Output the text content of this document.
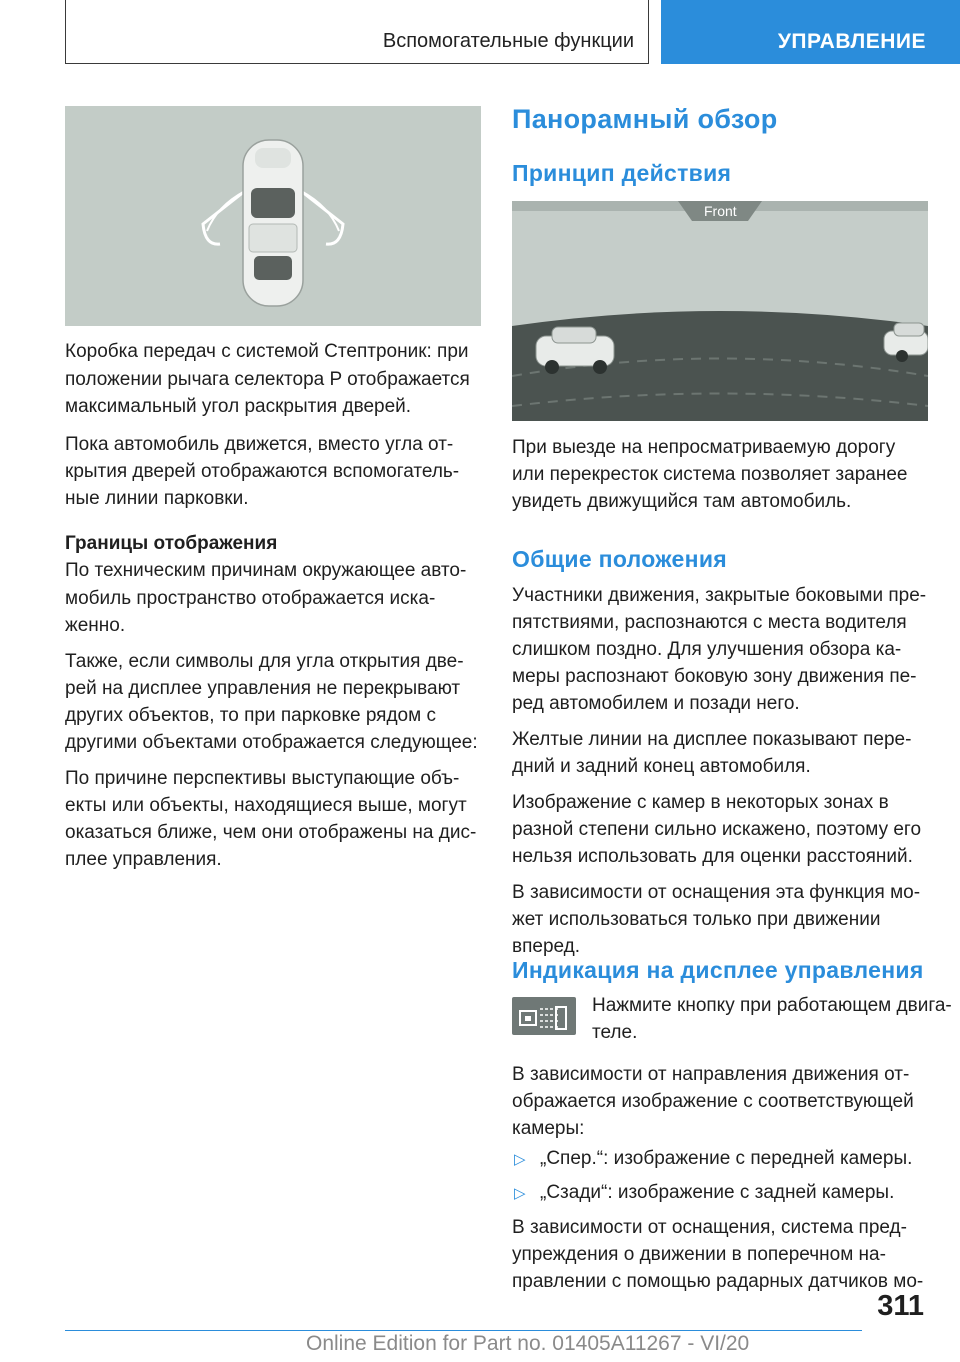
Вспомогательные функции	УПРАВЛЕНИЕ

Коробка передач с системой Стептроник: при

положении рычага селектора P отображается

максимальный угол раскрытия дверей.

Пока автомобиль движется, вместо угла от-

крытия дверей отображаются вспомогатель-

ные линии парковки.

Границы отображения

По техническим причинам окружающее авто-

мобиль пространство отображается иска-

женно.

Также, если символы для угла открытия две-

рей на дисплее управления не перекрывают

других объектов, то при парковке рядом с

другими объектами отображается следующее:

По причине перспективы выступающие объ-

екты или объекты, находящиеся выше, могут

оказаться ближе, чем они отображены на дис-

плее управления.

Панорамный обзор
Принцип действия
Front

При выезде на непросматриваемую дорогу

или перекресток система позволяет заранее

увидеть движущийся там автомобиль.

Общие положения

Участники движения, закрытые боковыми пре-

пятствиями, распознаются с места водителя

слишком поздно. Для улучшения обзора ка-

меры распознают боковую зону движения пе-

ред автомобилем и позади него.

Желтые линии на дисплее показывают пере-

дний и задний конец автомобиля.

Изображение с камер в некоторых зонах в

разной степени сильно искажено, поэтому его

нельзя использовать для оценки расстояний.

В зависимости от оснащения эта функция мо-

жет использоваться только при движении

вперед.

Индикация на дисплее управления

Нажмите кнопку при работающем двига-

теле.

В зависимости от направления движения от-

ображается изображение с соответствующей

камеры:

▷ „Спер.“: изображение с передней камеры.

▷ „Сзади“: изображение с задней камеры.

В зависимости от оснащения, система пред-

упреждения о движении в поперечном на-

правлении с помощью радарных датчиков мо-

311
Online Edition for Part no. 01405A11267 - VI/20
